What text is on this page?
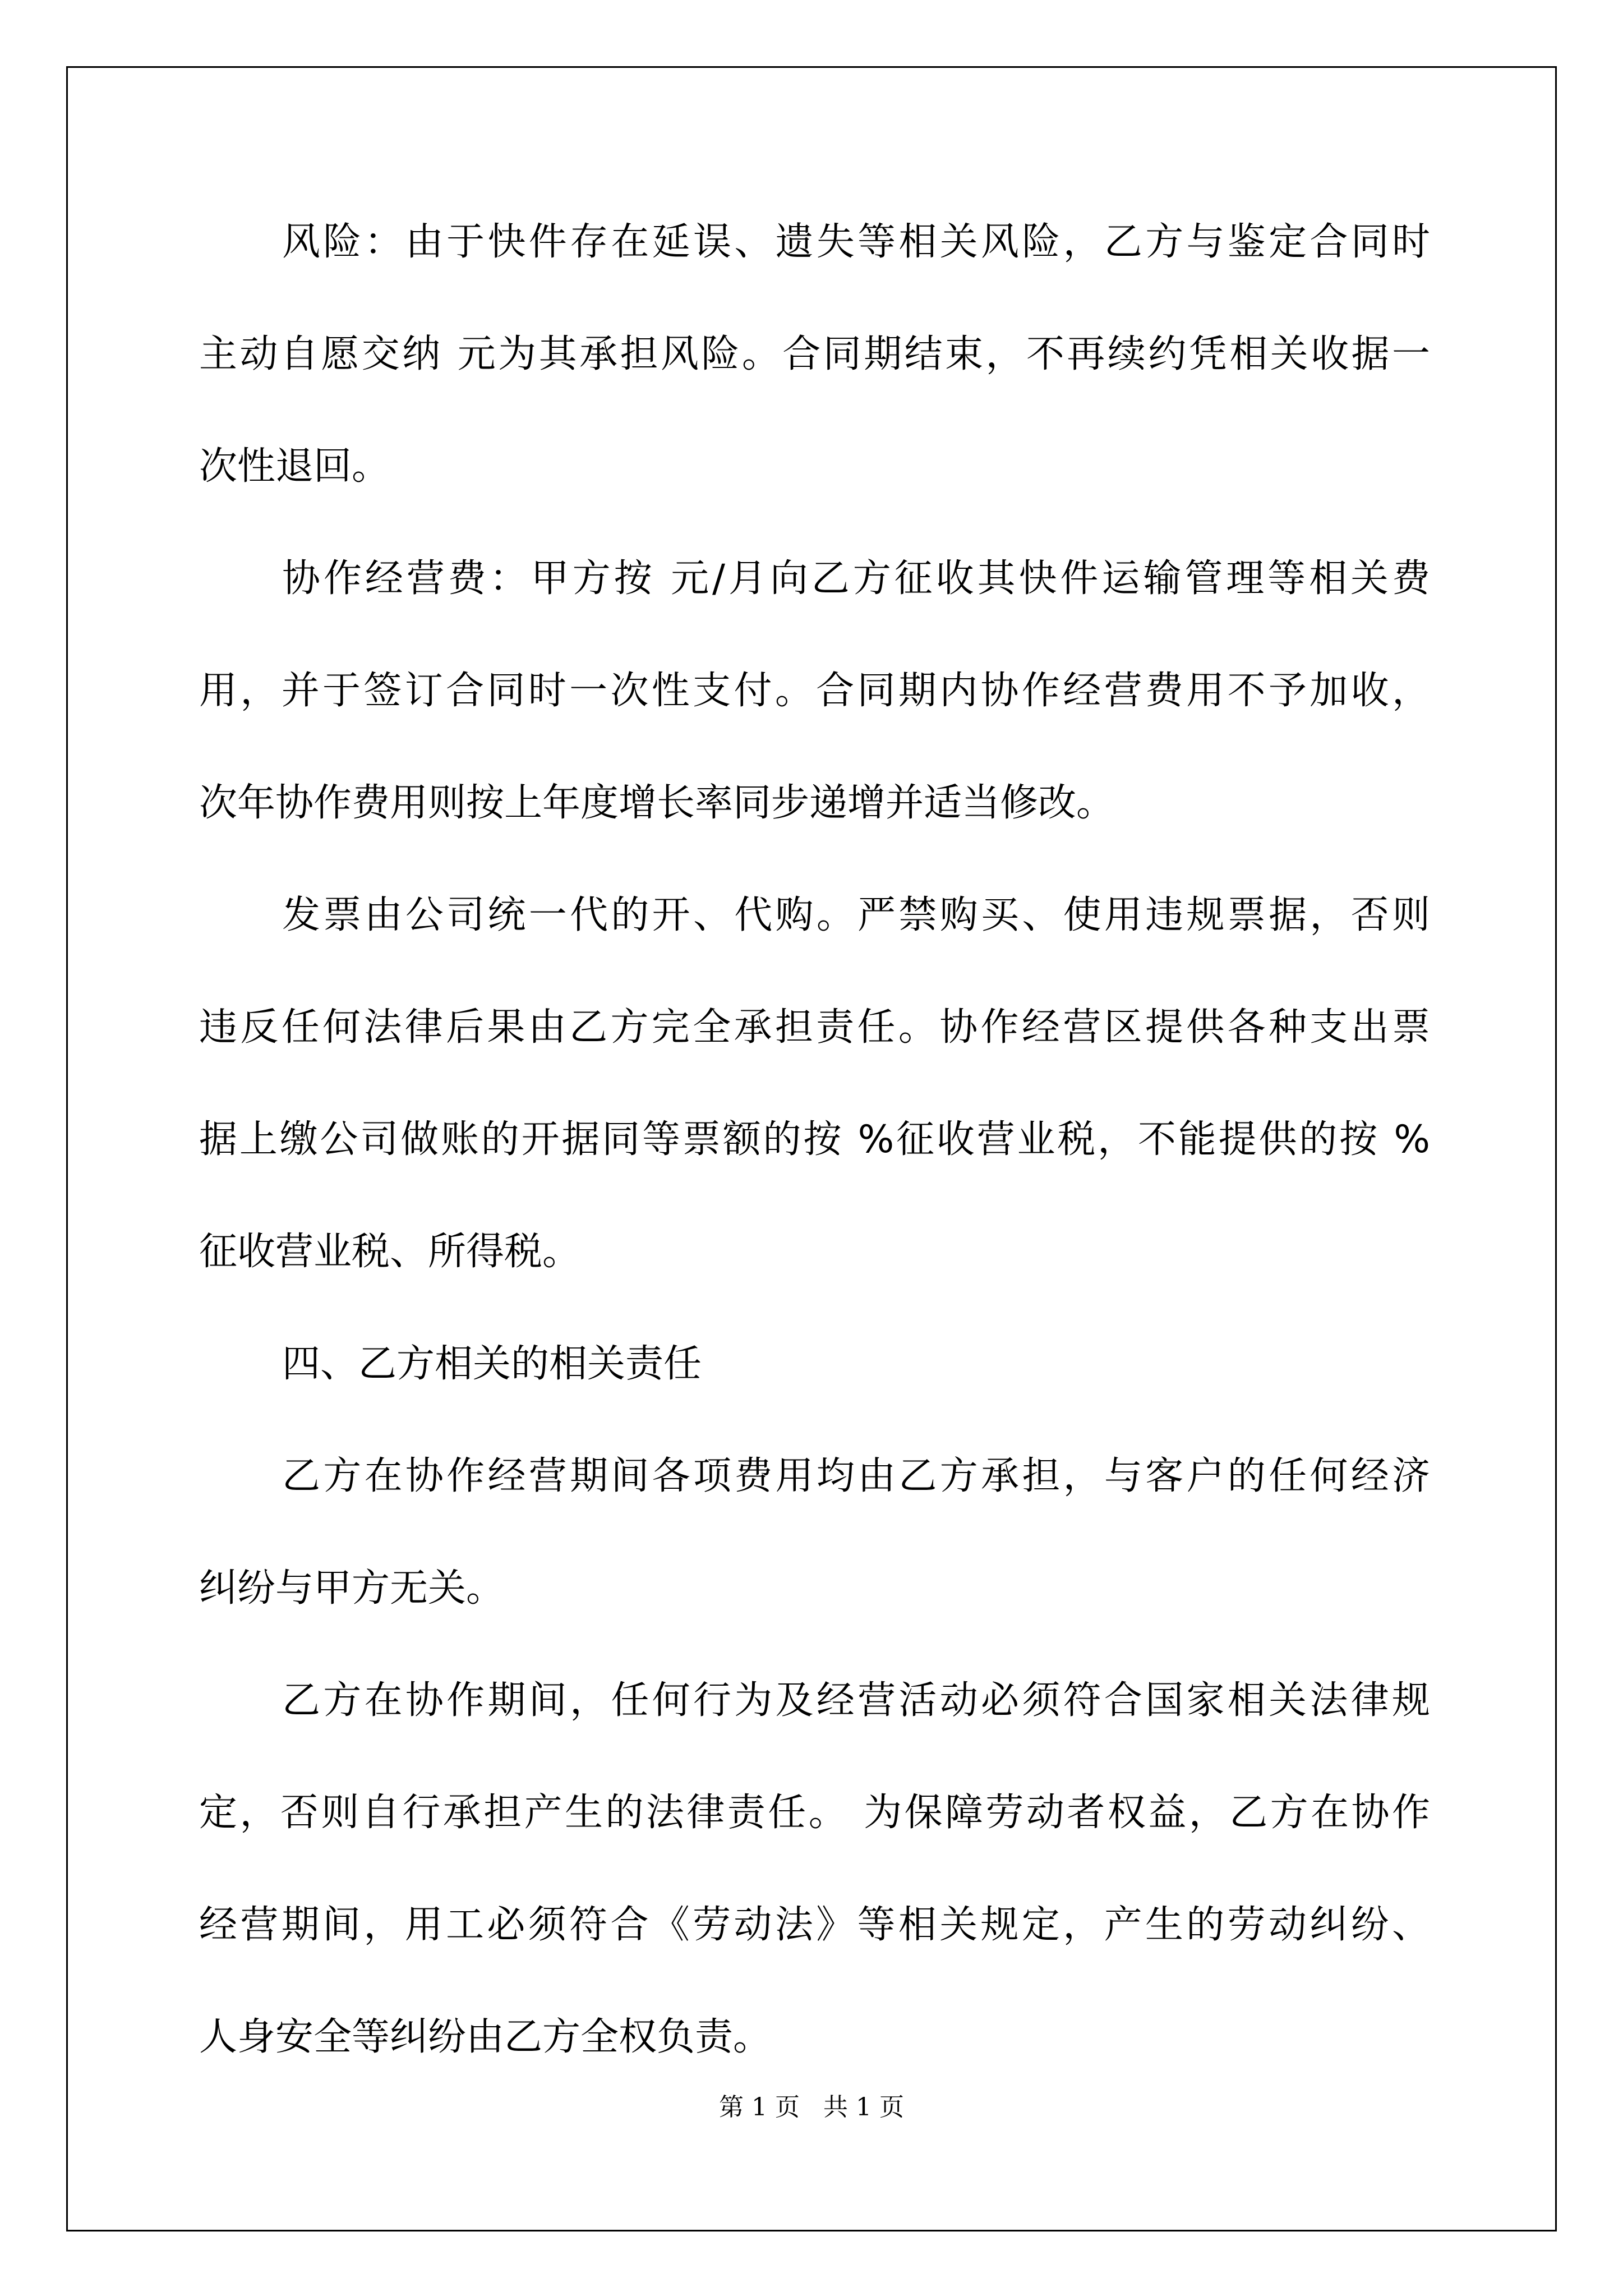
风险：由于快件存在延误、遗失等相关风险，乙方与鉴定合同时
主动自愿交纳 元为其承担风险。合同期结束，不再续约凭相关收据一
次性退回。
协作经营费：甲方按 元/月向乙方征收其快件运输管理等相关费
用，并于签订合同时一次性支付。合同期内协作经营费用不予加收，
次年协作费用则按上年度增长率同步递增并适当修改。
发票由公司统一代的开、代购。严禁购买、使用违规票据，否则
违反任何法律后果由乙方完全承担责任。协作经营区提供各种支出票
据上缴公司做账的开据同等票额的按 %征收营业税，不能提供的按 %
征收营业税、所得税。
四、乙方相关的相关责任
乙方在协作经营期间各项费用均由乙方承担，与客户的任何经济
纠纷与甲方无关。
乙方在协作期间，任何行为及经营活动必须符合国家相关法律规
定，否则自行承担产生的法律责任。 为保障劳动者权益，乙方在协作
经营期间，用工必须符合《劳动法》等相关规定，产生的劳动纠纷、
人身安全等纠纷由乙方全权负责。
第 1 页   共 1 页
